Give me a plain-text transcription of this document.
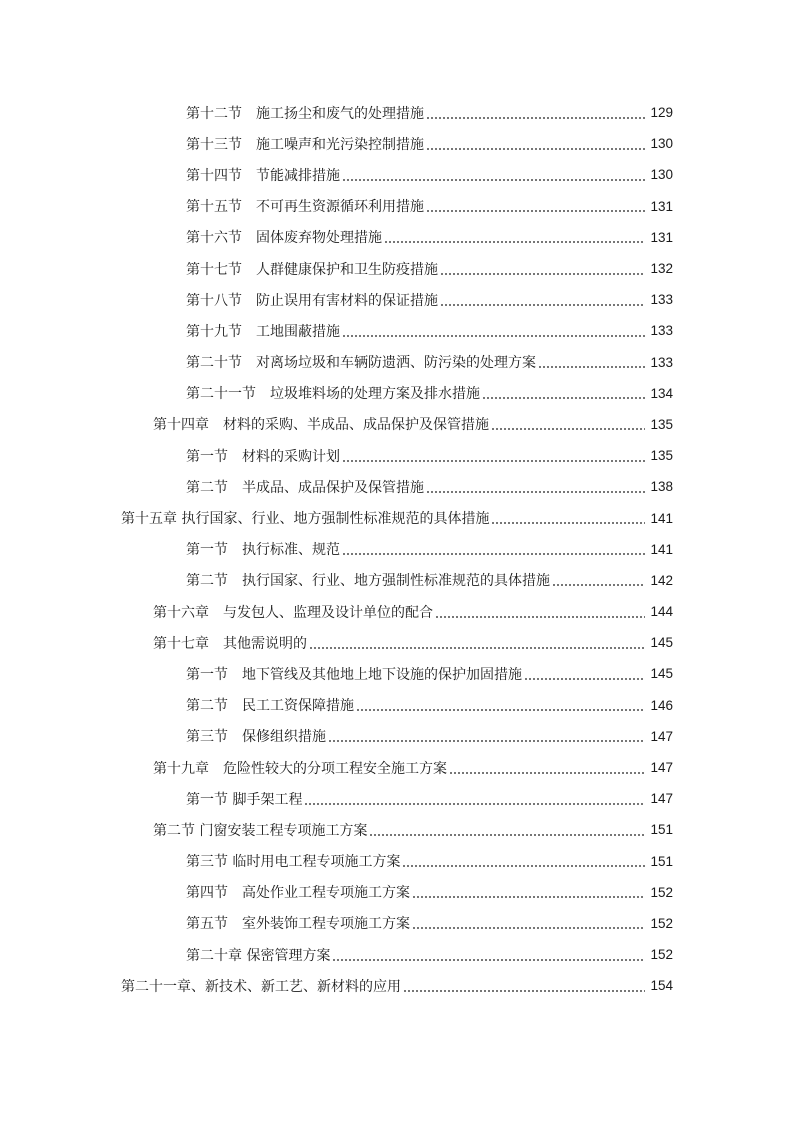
第十二节　施工扬尘和废气的处理措施	129
第十三节　施工噪声和光污染控制措施	130
第十四节　节能减排措施	130
第十五节　不可再生资源循环利用措施	131
第十六节　固体废弃物处理措施	131
第十七节　人群健康保护和卫生防疫措施	132
第十八节　防止误用有害材料的保证措施	133
第十九节　工地围蔽措施	133
第二十节　对离场垃圾和车辆防遗洒、防污染的处理方案	133
第二十一节　垃圾堆料场的处理方案及排水措施	134
第十四章　材料的采购、半成品、成品保护及保管措施	135
第一节　材料的采购计划	135
第二节　半成品、成品保护及保管措施	138
第十五章 执行国家、行业、地方强制性标准规范的具体措施	141
第一节　执行标准、规范	141
第二节　执行国家、行业、地方强制性标准规范的具体措施	142
第十六章　与发包人、监理及设计单位的配合	144
第十七章　其他需说明的	145
第一节　地下管线及其他地上地下设施的保护加固措施	145
第二节　民工工资保障措施	146
第三节　保修组织措施	147
第十九章　危险性较大的分项工程安全施工方案	147
第一节 脚手架工程	147
第二节 门窗安装工程专项施工方案	151
第三节 临时用电工程专项施工方案	151
第四节　高处作业工程专项施工方案	152
第五节　室外装饰工程专项施工方案	152
第二十章 保密管理方案	152
第二十一章、新技术、新工艺、新材料的应用	154
